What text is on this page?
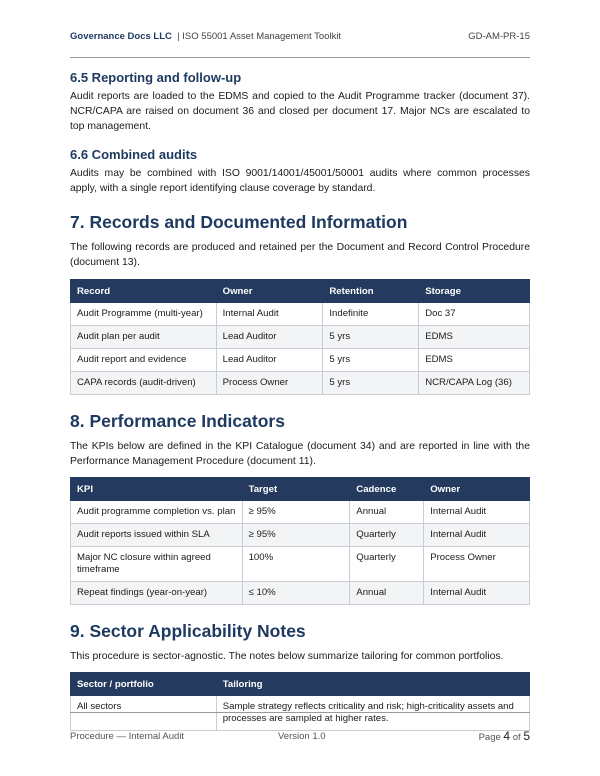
Governance Docs LLC | ISO 55001 Asset Management Toolkit	GD-AM-PR-15
6.5 Reporting and follow-up

Audit reports are loaded to the EDMS and copied to the Audit Programme tracker (document 37). NCR/CAPA are raised on document 36 and closed per document 17. Major NCs are escalated to top management.

6.6 Combined audits

Audits may be combined with ISO 9001/14001/45001/50001 audits where common processes apply, with a single report identifying clause coverage by standard.

7. Records and Documented Information

The following records are produced and retained per the Document and Record Control Procedure (document 13).

Record	Owner	Retention	Storage
Audit Programme (multi-year)	Internal Audit	Indefinite	Doc 37
Audit plan per audit	Lead Auditor	5 yrs	EDMS
Audit report and evidence	Lead Auditor	5 yrs	EDMS
CAPA records (audit-driven)	Process Owner	5 yrs	NCR/CAPA Log (36)
8. Performance Indicators

The KPIs below are defined in the KPI Catalogue (document 34) and are reported in line with the Performance Management Procedure (document 11).

KPI	Target	Cadence	Owner
Audit programme completion vs. plan	≥ 95%	Annual	Internal Audit
Audit reports issued within SLA	≥ 95%	Quarterly	Internal Audit
Major NC closure within agreed timeframe	100%	Quarterly	Process Owner
Repeat findings (year-on-year)	≤ 10%	Annual	Internal Audit
9. Sector Applicability Notes

This procedure is sector-agnostic. The notes below summarize tailoring for common portfolios.

Sector / portfolio	Tailoring
All sectors	Sample strategy reflects criticality and risk; high-criticality assets and processes are sampled at higher rates.
Procedure — Internal Audit	Version 1.0	Page 4 of 5
